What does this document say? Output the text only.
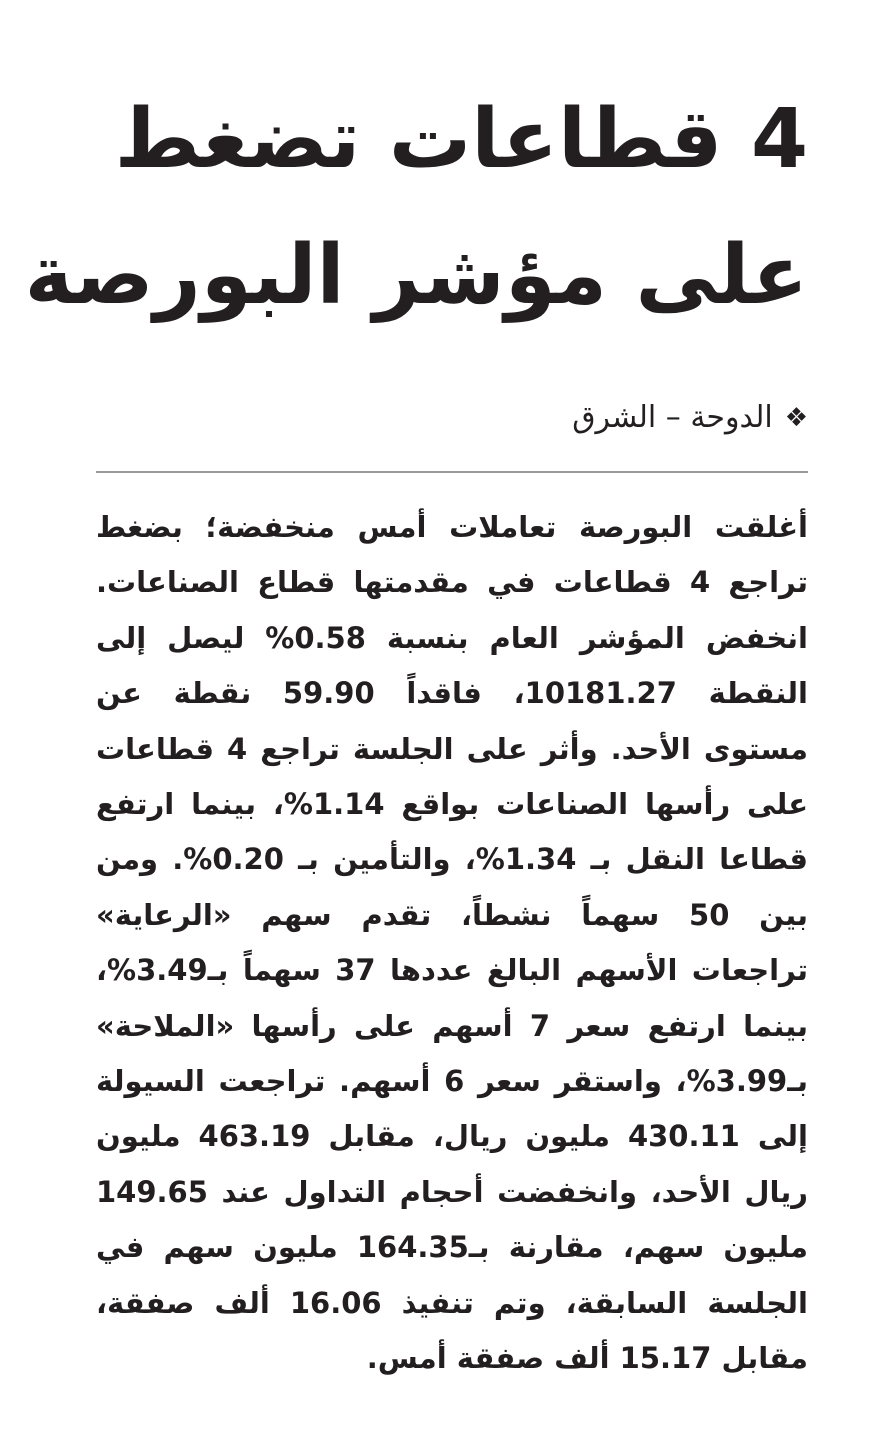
4 قطاعات تضغط
على مؤشر البورصة
❖
الدوحة – الشرق

أغلقت البورصة تعاملات أمس منخفضة؛ بضغط تراجع 4 قطاعات في مقدمتها قطاع الصناعات. انخفض المؤشر العام بنسبة 0.58% ليصل إلى النقطة 10181.27، فاقداً 59.90 نقطة عن مستوى الأحد. وأثر على الجلسة تراجع 4 قطاعات على رأسها الصناعات بواقع 1.14%، بينما ارتفع قطاعا النقل بـ 1.34%، والتأمين بـ 0.20%. ومن بين 50 سهماً نشطاً، تقدم سهم «الرعاية» تراجعات الأسهم البالغ عددها 37 سهماً بـ3.49%، بينما ارتفع سعر 7 أسهم على رأسها «الملاحة» بـ3.99%، واستقر سعر 6 أسهم. تراجعت السيولة إلى 430.11 مليون ريال، مقابل 463.19 مليون ريال الأحد، وانخفضت أحجام التداول عند 149.65 مليون سهم، مقارنة بـ164.35 مليون سهم في الجلسة السابقة، وتم تنفيذ 16.06 ألف صفقة، مقابل 15.17 ألف صفقة أمس.
